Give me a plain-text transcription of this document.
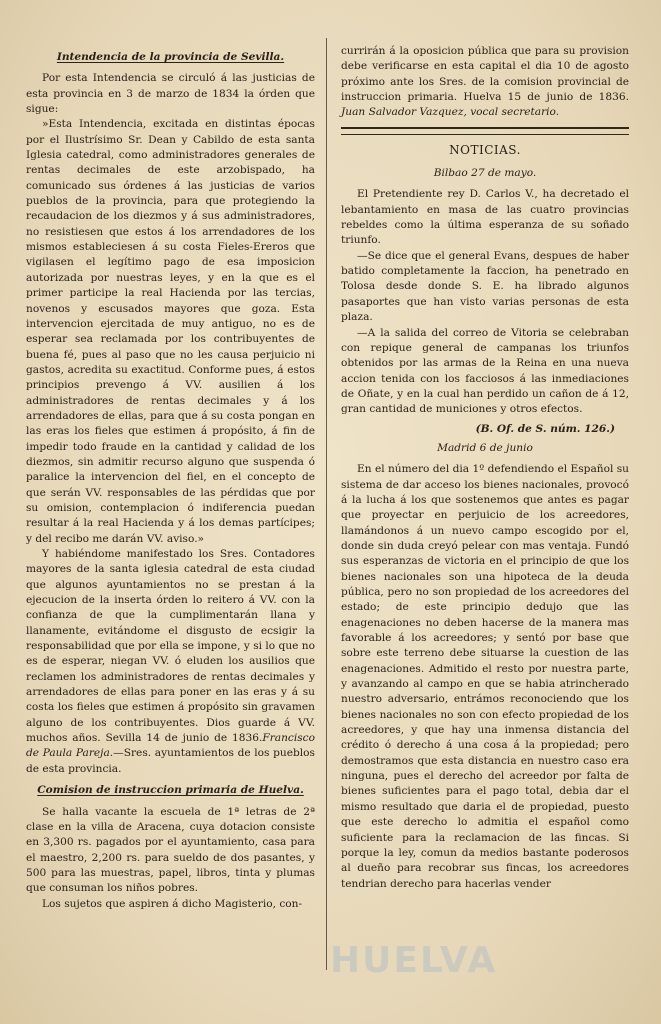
Intendencia de la provincia de Sevilla.

Por esta Intendencia se circuló á las justicias de esta provincia en 3 de marzo de 1834 la órden que sigue:

»Esta Intendencia, excitada en distintas épocas por el Ilustrísimo Sr. Dean y Cabildo de esta santa Iglesia catedral, como administradores generales de rentas decimales de este arzobispado, ha comunicado sus órdenes á las justicias de varios pueblos de la provincia, para que protegiendo la recaudacion de los diezmos y á sus administradores, no resistiesen que estos á los arrendadores de los mismos estableciesen á su costa Fieles-Ereros que vigilasen el legítimo pago de esa imposicion autorizada por nuestras leyes, y en la que es el primer participe la real Hacienda por las tercias, novenos y escusados mayores que goza. Esta intervencion ejercitada de muy antiguo, no es de esperar sea reclamada por los contribuyentes de buena fé, pues al paso que no les causa perjuicio ni gastos, acredita su exactitud. Conforme pues, á estos principios prevengo á VV. ausilien á los administradores de rentas decimales y á los arrendadores de ellas, para que á su costa pongan en las eras los fieles que estimen á propósito, á fin de impedir todo fraude en la cantidad y calidad de los diezmos, sin admitir recurso alguno que suspenda ó paralice la intervencion del fiel, en el concepto de que serán VV. responsables de las pérdidas que por su omision, contemplacion ó indiferencia puedan resultar á la real Hacienda y á los demas partícipes; y del recibo me darán VV. aviso.»

Y habiéndome manifestado los Sres. Contadores mayores de la santa iglesia catedral de esta ciudad que algunos ayuntamientos no se prestan á la ejecucion de la inserta órden lo reitero á VV. con la confianza de que la cumplimentarán llana y llanamente, evitándome el disgusto de ecsigir la responsabilidad que por ella se impone, y si lo que no es de esperar, niegan VV. ó eluden los ausilios que reclamen los administradores de rentas decimales y arrendadores de ellas para poner en las eras y á su costa los fieles que estimen á propósito sin gravamen alguno de los contribuyentes. Dios guarde á VV. muchos años. Sevilla 14 de junio de 1836.Francisco de Paula Pareja.—Sres. ayuntamientos de los pueblos de esta provincia.

Comision de instruccion primaria de Huelva.

Se halla vacante la escuela de 1ª letras de 2ª clase en la villa de Aracena, cuya dotacion consiste en 3,300 rs. pagados por el ayuntamiento, casa para el maestro, 2,200 rs. para sueldo de dos pasantes, y 500 para las muestras, papel, libros, tinta y plumas que consuman los niños pobres.

Los sujetos que aspiren á dicho Magisterio, con-

currirán á la oposicion pública que para su provision debe verificarse en esta capital el dia 10 de agosto próximo ante los Sres. de la comision provincial de instruccion primaria. Huelva 15 de junio de 1836. Juan Salvador Vazquez, vocal secretario.

NOTICIAS.
Bilbao 27 de mayo.

El Pretendiente rey D. Carlos V., ha decretado el lebantamiento en masa de las cuatro provincias rebeldes como la última esperanza de su soñado triunfo.

—Se dice que el general Evans, despues de haber batido completamente la faccion, ha penetrado en Tolosa desde donde S. E. ha librado algunos pasaportes que han visto varias personas de esta plaza.

—A la salida del correo de Vitoria se celebraban con repique general de campanas los triunfos obtenidos por las armas de la Reina en una nueva accion tenida con los facciosos á las inmediaciones de Oñate, y en la cual han perdido un cañon de á 12, gran cantidad de municiones y otros efectos.

(B. Of. de S. núm. 126.)
Madrid 6 de junio

En el número del dia 1º defendiendo el Español su sistema de dar acceso los bienes nacionales, provocó á la lucha á los que sostenemos que antes es pagar que proyectar en perjuicio de los acreedores, llamándonos á un nuevo campo escogido por el, donde sin duda creyó pelear con mas ventaja. Fundó sus esperanzas de victoria en el principio de que los bienes nacionales son una hipoteca de la deuda pública, pero no son propiedad de los acreedores del estado; de este principio dedujo que las enagenaciones no deben hacerse de la manera mas favorable á los acreedores; y sentó por base que sobre este terreno debe situarse la cuestion de las enagenaciones. Admitido el resto por nuestra parte, y avanzando al campo en que se habia atrincherado nuestro adversario, entrámos reconociendo que los bienes nacionales no son con efecto propiedad de los acreedores, y que hay una inmensa distancia del crédito ó derecho á una cosa á la propiedad; pero demostramos que esta distancia en nuestro caso era ninguna, pues el derecho del acreedor por falta de bienes suficientes para el pago total, debia dar el mismo resultado que daria el de propiedad, puesto que este derecho lo admitia el español como suficiente para la reclamacion de las fincas. Si porque la ley, comun da medios bastante poderosos al dueño para recobrar sus fincas, los acreedores tendrian derecho para hacerlas vender

HUELVA
